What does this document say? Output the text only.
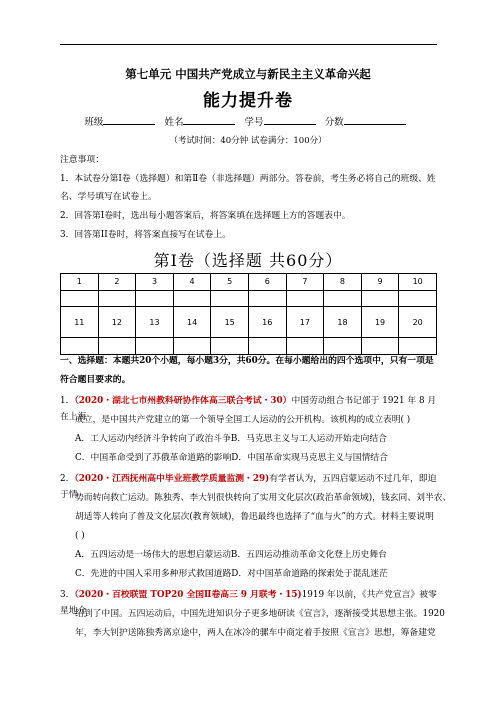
第七单元 中国共产党成立与新民主主义革命兴起
能力提升卷
班级	姓名	学号	分数
（考试时间：40分钟 试卷满分：100分）
注意事项：
1．本试卷分第Ⅰ卷（选择题）和第Ⅱ卷（非选择题）两部分。答卷前，考生务必将自己的班级、姓
名、学号填写在试卷上。
2．回答第Ⅰ卷时，选出每小题答案后，将答案填在选择题上方的答题表中。
3．回答第II卷时，将答案直接写在试卷上。
第Ⅰ卷（选择题 共60分）
1	2	3	4	5	6	7	8	9	10

11	12	13	14	15	16	17	18	19	20

一、选择题：本题共20个小题，每小题3分，共60分。在每小题给出的四个选项中，只有一项是
符合题目要求的。
1．（2020・湖北七市州教科研协作体高三联合考试・30）中国劳动组合书记部于 1921 年 8 月在上海
成立，是中国共产党建立的第一个领导全国工人运动的公开机构。该机构的成立表明( )
A．工人运动内经济斗争转向了政治斗争B．马克思主义与工人运动开始走向结合
C．中国革命受到了苏俄革命道路的影响D．中国革命实现马克思主义与国情结合
2．（2020・江西抚州高中毕业班教学质量监测・29)有学者认为，五四启蒙运动不过几年，即迫于情
势而转向救亡运动。陈独秀、李大钊很快转向了实用文化层次(政治革命领域)，钱玄同、刘半农、
胡适等人转向了普及文化层次(教育领域)，鲁迅最终也选择了“血与火”的方式。材料主要说明
( )
A．五四运动是一场伟大的思想启蒙运动B．五四运动推动革命文化登上历史舞台
C．先进的中国人采用多种形式救国道路D．对中国革命道路的探索处于混乱迷茫
3．（2020・百校联盟 TOP20 全国Ⅱ卷高三 9 月联考・15)1919 年以前，《共产党宣言》被零星地介
绍到了中国。五四运动后，中国先进知识分子更多地研读《宣言》，逐渐接受其思想主张。1920
年，李大钊护送陈独秀离京途中，两人在冰冷的骡车中商定着手按照《宣言》思想，筹备建党
